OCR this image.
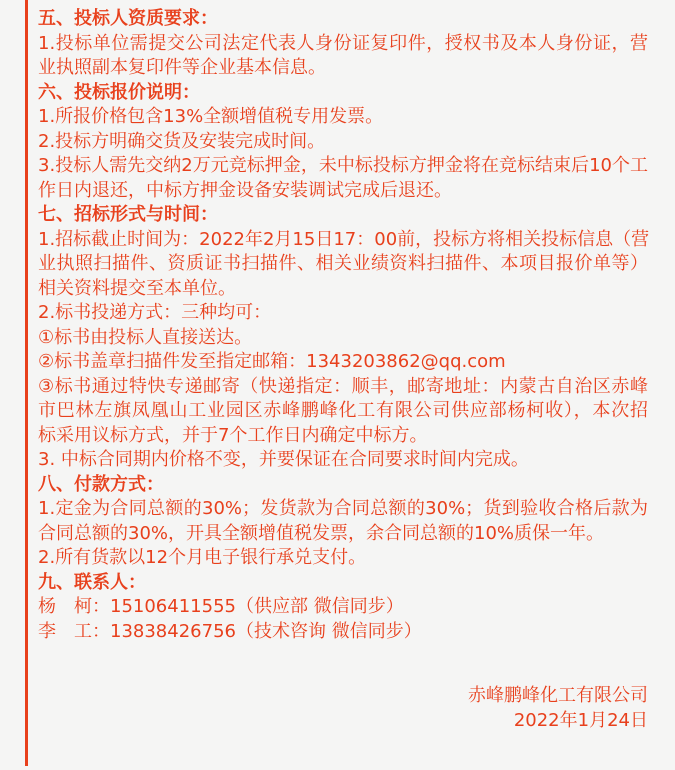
五、投标人资质要求：
1.投标单位需提交公司法定代表人身份证复印件，授权书及本人身份证，营
业执照副本复印件等企业基本信息。
六、投标报价说明：
1.所报价格包含13%全额增值税专用发票。
2.投标方明确交货及安装完成时间。
3.投标人需先交纳2万元竞标押金，未中标投标方押金将在竞标结束后10个工
作日内退还，中标方押金设备安装调试完成后退还。
七、招标形式与时间：
1.招标截止时间为：2022年2月15日17：00前，投标方将相关投标信息（营
业执照扫描件、资质证书扫描件、相关业绩资料扫描件、本项目报价单等）
相关资料提交至本单位。
2.标书投递方式：三种均可：
①标书由投标人直接送达。
②标书盖章扫描件发至指定邮箱：1343203862@qq.com
③标书通过特快专递邮寄（快递指定：顺丰，邮寄地址：内蒙古自治区赤峰
市巴林左旗凤凰山工业园区赤峰鹏峰化工有限公司供应部杨柯收），本次招
标采用议标方式，并于7个工作日内确定中标方。
3. 中标合同期内价格不变，并要保证在合同要求时间内完成。
八、付款方式：
1.定金为合同总额的30%；发货款为合同总额的30%；货到验收合格后款为
合同总额的30%，开具全额增值税发票，余合同总额的10%质保一年。
2.所有货款以12个月电子银行承兑支付。
九、联系人：
杨　柯：15106411555（供应部 微信同步）
李　工：13838426756（技术咨询 微信同步）
赤峰鹏峰化工有限公司
2022年1月24日
